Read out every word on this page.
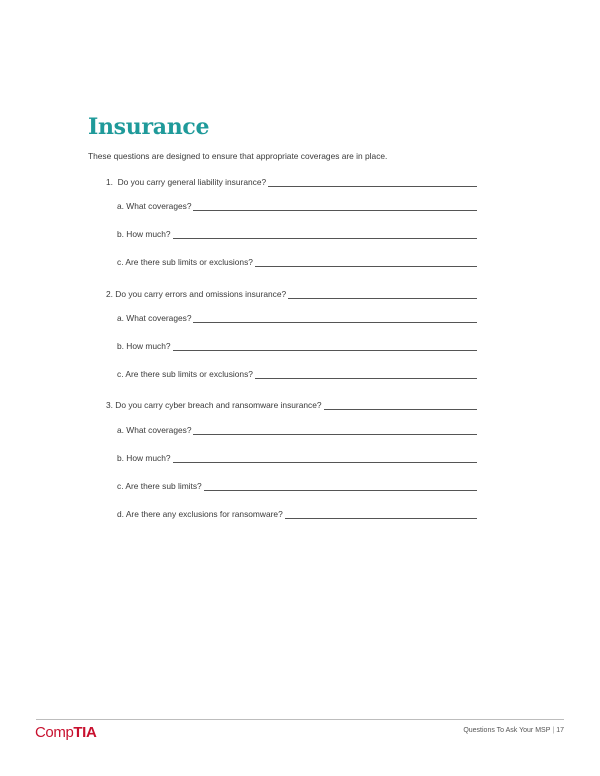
Insurance
These questions are designed to ensure that appropriate coverages are in place.
1.  Do you carry general liability insurance?
a. What coverages?
b. How much?
c. Are there sub limits or exclusions?
2. Do you carry errors and omissions insurance?
a. What coverages?
b. How much?
c. Are there sub limits or exclusions?
3. Do you carry cyber breach and ransomware insurance?
a. What coverages?
b. How much?
c. Are there sub limits?
d. Are there any exclusions for ransomware?
CompTIA	Questions To Ask Your MSP | 17
